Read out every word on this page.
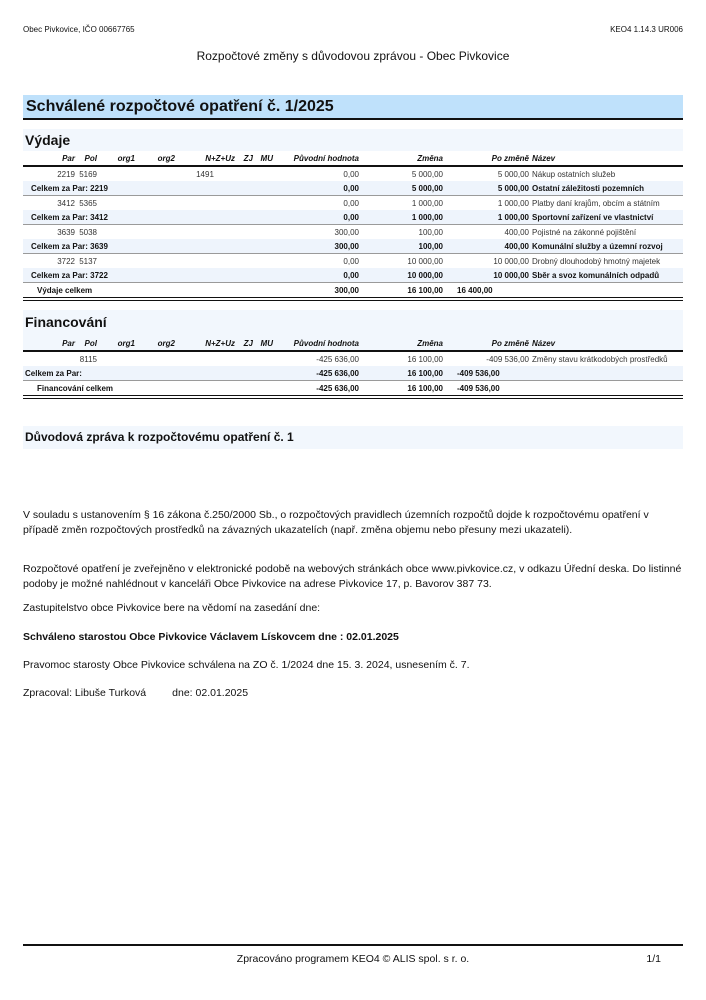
Obec Pivkovice, IČO 00667765	KEO4 1.14.3 UR006
Rozpočtové změny s důvodovou zprávou - Obec Pivkovice
Schválené rozpočtové opatření č. 1/2025
Výdaje
Par	Pol	org1	org2	N+Z+Uz	ZJ	MU	Původní hodnota	Změna	Po změně	Název
2219	5169			1491			0,00	5 000,00	5 000,00	Nákup ostatních služeb
Celkem za Par: 2219							0,00	5 000,00	5 000,00	Ostatní záležitosti pozemních
3412	5365						0,00	1 000,00	1 000,00	Platby daní krajům, obcím a státním
Celkem za Par: 3412							0,00	1 000,00	1 000,00	Sportovní zařízení ve vlastnictví
3639	5038						300,00	100,00	400,00	Pojistné na zákonné pojištění
Celkem za Par: 3639							300,00	100,00	400,00	Komunální služby a územní rozvoj
3722	5137						0,00	10 000,00	10 000,00	Drobný dlouhodobý hmotný majetek
Celkem za Par: 3722							0,00	10 000,00	10 000,00	Sběr a svoz komunálních odpadů
Výdaje celkem							300,00	16 100,00	16 400,00	
Financování
Par	Pol	org1	org2	N+Z+Uz	ZJ	MU	Původní hodnota	Změna	Po změně	Název
	8115						-425 636,00	16 100,00	-409 536,00	Změny stavu krátkodobých prostředků
Celkem za Par:							-425 636,00	16 100,00	-409 536,00	
Financování celkem							-425 636,00	16 100,00	-409 536,00	
Důvodová zpráva k rozpočtovému opatření č. 1
V souladu s ustanovením § 16 zákona č.250/2000 Sb., o rozpočtových pravidlech územních rozpočtů dojde k rozpočtovému opatření v případě změn rozpočtových prostředků na závazných ukazatelích (např. změna objemu nebo přesuny mezi ukazateli).
Rozpočtové opatření je zveřejněno v elektronické podobě na webových stránkách obce www.pivkovice.cz, v odkazu Úřední deska. Do listinné podoby je možné nahlédnout v kanceláři Obce Pivkovice na adrese Pivkovice 17, p. Bavorov 387 73.
Zastupitelstvo obce Pivkovice bere na vědomí na zasedání dne:
Schváleno starostou Obce Pivkovice Václavem Lískovcem dne : 02.01.2025
Pravomoc starosty Obce Pivkovice schválena na ZO č. 1/2024 dne 15. 3. 2024, usnesením č. 7.
Zpracoval: Libuše Turková dne: 02.01.2025
Zpracováno programem KEO4 © ALIS spol. s r. o.	1/1
